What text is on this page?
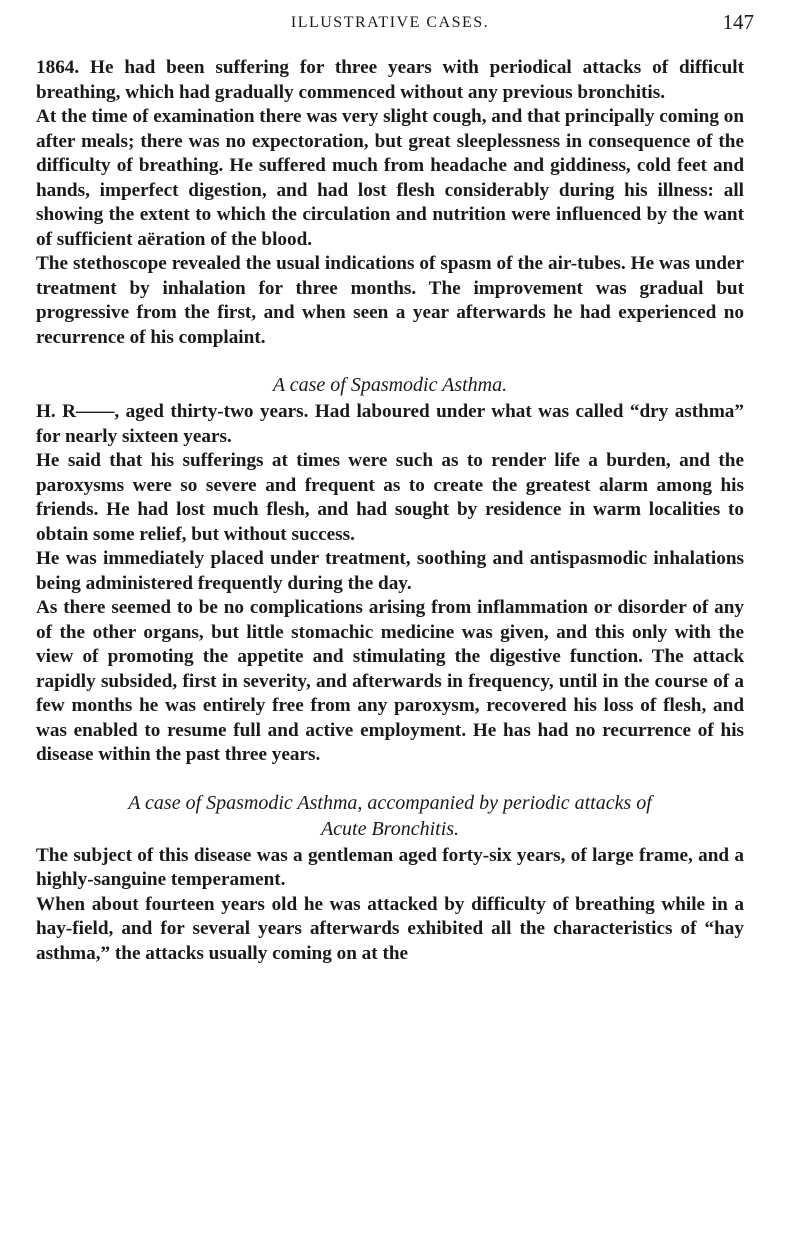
ILLUSTRATIVE CASES.	147

1864. He had been suffering for three years with periodical attacks of difficult breathing, which had gradually commenced without any previous bronchitis.

At the time of examination there was very slight cough, and that principally coming on after meals; there was no expectoration, but great sleeplessness in consequence of the difficulty of breathing. He suffered much from headache and giddiness, cold feet and hands, imperfect digestion, and had lost flesh considerably during his illness: all showing the extent to which the circulation and nutrition were influenced by the want of sufficient aëration of the blood.

The stethoscope revealed the usual indications of spasm of the air-tubes. He was under treatment by inhalation for three months. The improvement was gradual but progressive from the first, and when seen a year afterwards he had experienced no recurrence of his complaint.

A case of Spasmodic Asthma.

H. R——, aged thirty-two years. Had laboured under what was called “dry asthma” for nearly sixteen years.

He said that his sufferings at times were such as to render life a burden, and the paroxysms were so severe and frequent as to create the greatest alarm among his friends. He had lost much flesh, and had sought by residence in warm localities to obtain some relief, but without success.

He was immediately placed under treatment, soothing and antispasmodic inhalations being administered frequently during the day.

As there seemed to be no complications arising from inflammation or disorder of any of the other organs, but little stomachic medicine was given, and this only with the view of promoting the appetite and stimulating the digestive function. The attack rapidly subsided, first in severity, and afterwards in frequency, until in the course of a few months he was entirely free from any paroxysm, recovered his loss of flesh, and was enabled to resume full and active employment. He has had no recurrence of his disease within the past three years.

A case of Spasmodic Asthma, accompanied by periodic attacks of
Acute Bronchitis.

The subject of this disease was a gentleman aged forty-six years, of large frame, and a highly-sanguine temperament.

When about fourteen years old he was attacked by difficulty of breathing while in a hay-field, and for several years afterwards exhibited all the characteristics of “hay asthma,” the attacks usually coming on at the
